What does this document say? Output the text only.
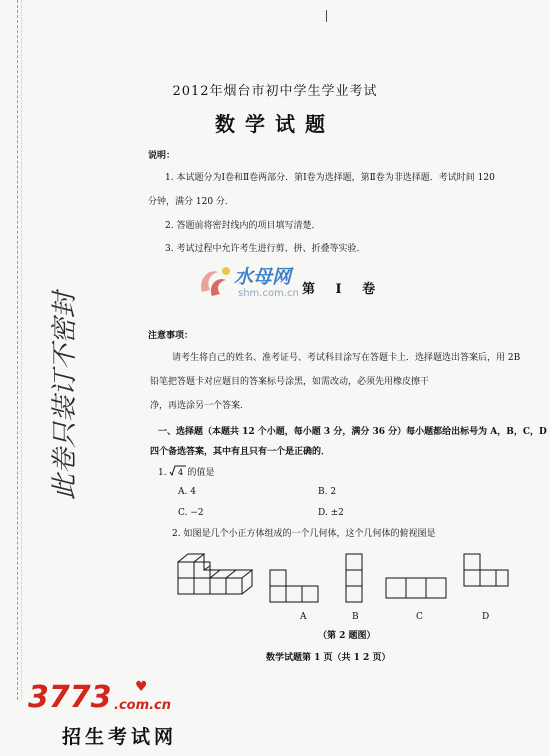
2012年烟台市初中学生学业考试
数学试题
说明：
1. 本试题分为Ⅰ卷和Ⅱ卷两部分．第Ⅰ卷为选择题，第Ⅱ卷为非选择题．考试时间 120
分钟，满分 120 分．
2. 答题前将密封线内的项目填写清楚．
3. 考试过程中允许考生进行剪、拼、折叠等实验．
水母网
shm.com.cn 第 Ⅰ 卷
注意事项：
请考生将自己的姓名、准考证号、考试科目涂写在答题卡上．选择题选出答案后，用 2B
铅笔把答题卡对应题目的答案标号涂黑，如需改动，必须先用橡皮擦干
净，再选涂另一个答案．
一、选择题（本题共 12 个小题，每小题 3 分，满分 36 分）每小题都给出标号为 A，B，C，D
四个备选答案，其中有且只有一个是正确的．
1. 4 的值是
A. 4	B. 2
C. −2	D. ±2
2. 如图是几个小正方体组成的一个几何体，这个几何体的俯视图是
A	B	C	D
（第 2 题图）
数学试题第 1 页（共 1 2 页）
此卷只装订不密封
3773 ♥
.com.cn
招生考试网
